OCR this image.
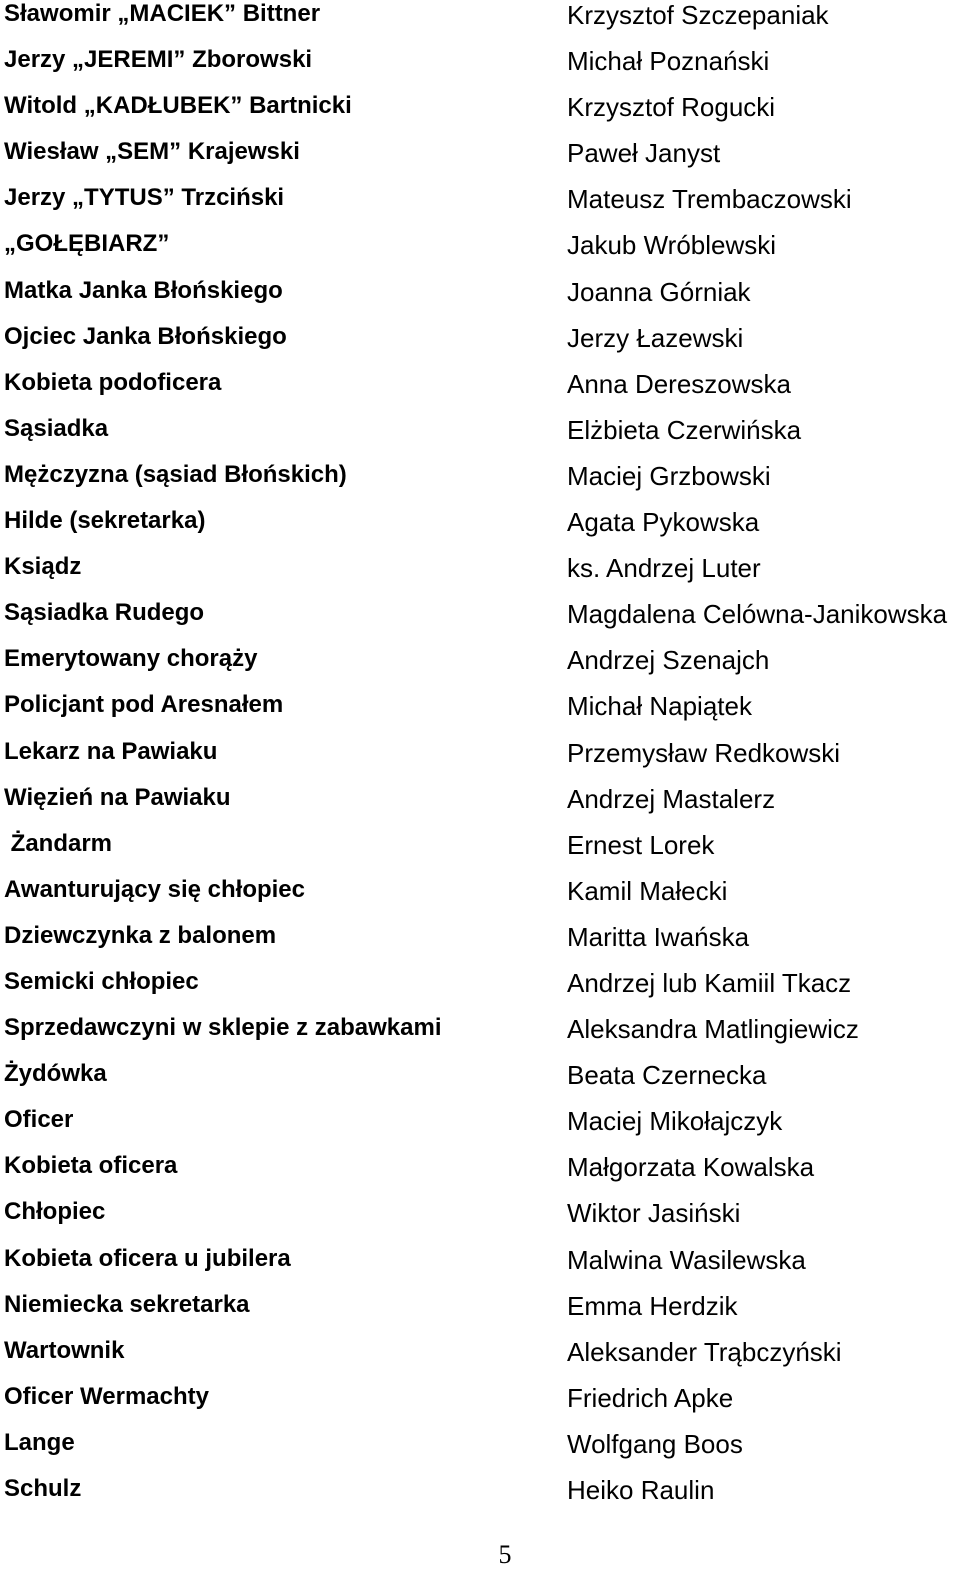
Sławomir „MACIEK” Bittner	Krzysztof Szczepaniak
Jerzy „JEREMI” Zborowski	Michał Poznański
Witold „KADŁUBEK” Bartnicki	Krzysztof Rogucki
Wiesław „SEM” Krajewski	Paweł Janyst
Jerzy „TYTUS” Trzciński	Mateusz Trembaczowski
„GOŁĘBIARZ”	Jakub Wróblewski
Matka Janka Błońskiego	Joanna Górniak
Ojciec Janka Błońskiego	Jerzy Łazewski
Kobieta podoficera	Anna Dereszowska
Sąsiadka	Elżbieta Czerwińska
Mężczyzna (sąsiad Błońskich)	Maciej Grzbowski
Hilde (sekretarka)	Agata Pykowska
Ksiądz	ks. Andrzej Luter
Sąsiadka Rudego	Magdalena Celówna-Janikowska
Emerytowany chorąży	Andrzej Szenajch
Policjant pod Aresnałem	Michał Napiątek
Lekarz na Pawiaku	Przemysław Redkowski
Więzień na Pawiaku	Andrzej Mastalerz
Żandarm	Ernest Lorek
Awanturujący się chłopiec	Kamil Małecki
Dziewczynka z balonem	Maritta Iwańska
Semicki chłopiec	Andrzej lub Kamiil Tkacz
Sprzedawczyni w sklepie z zabawkami	Aleksandra Matlingiewicz
Żydówka	Beata Czernecka
Oficer	Maciej Mikołajczyk
Kobieta oficera	Małgorzata Kowalska
Chłopiec	Wiktor Jasiński
Kobieta oficera u jubilera	Malwina Wasilewska
Niemiecka sekretarka	Emma Herdzik
Wartownik	Aleksander Trąbczyński
Oficer Wermachty	Friedrich Apke
Lange	Wolfgang Boos
Schulz	Heiko Raulin
5
